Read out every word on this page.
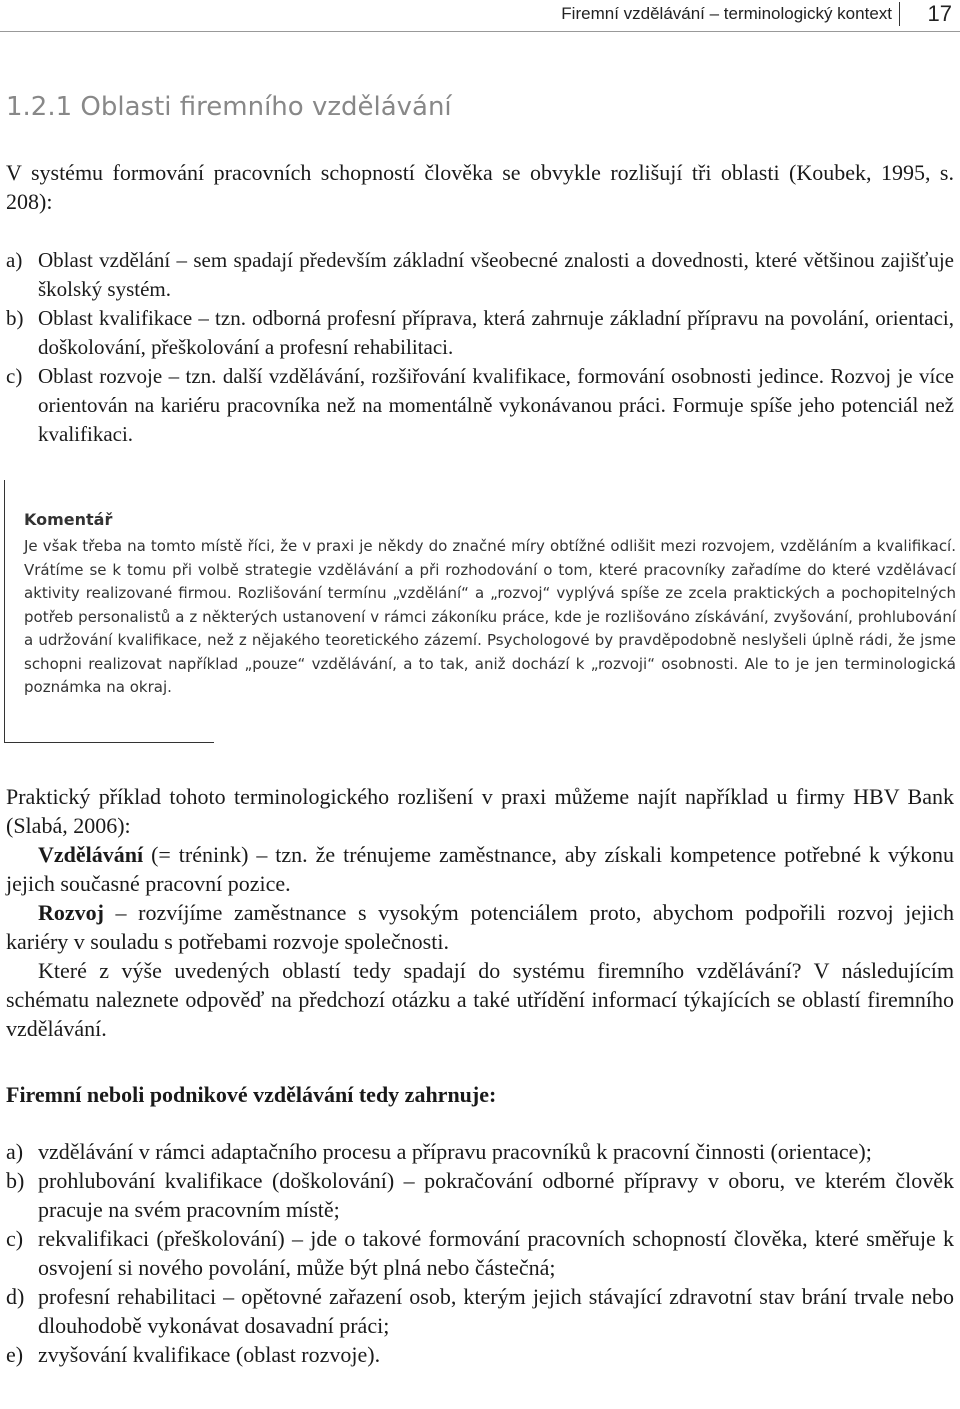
Firemní vzdělávání – terminologický kontext 17
1.2.1 Oblasti firemního vzdělávání
V systému formování pracovních schopností člověka se obvykle rozlišují tři oblasti (Koubek, 1995, s. 208):

a) Oblast vzdělání – sem spadají především základní všeobecné znalosti a dovednosti, které většinou zajišťuje školský systém.

b) Oblast kvalifikace – tzn. odborná profesní příprava, která zahrnuje základní přípravu na povolání, orientaci, doškolování, přeškolování a profesní rehabilitaci.

c) Oblast rozvoje – tzn. další vzdělávání, rozšiřování kvalifikace, formování osobnosti jedince. Rozvoj je více orientován na kariéru pracovníka než na momentálně vykonávanou práci. Formuje spíše jeho potenciál než kvalifikaci.

Komentář
Je však třeba na tomto místě říci, že v praxi je někdy do značné míry obtížné odlišit mezi rozvojem, vzděláním a kvalifikací. Vrátíme se k tomu při volbě strategie vzdělávání a při rozhodování o tom, které pracovníky zařadíme do které vzdělávací aktivity realizované firmou. Rozlišování termínu „vzdělání“ a „rozvoj“ vyplývá spíše ze zcela praktických a pochopitelných potřeb personalistů a z některých ustanovení v rámci zákoníku práce, kde je rozlišováno získávání, zvyšování, prohlubování a udržování kvalifikace, než z nějakého teoretického zázemí. Psychologové by pravděpodobně neslyšeli úplně rádi, že jsme schopni realizovat například „pouze“ vzdělávání, a to tak, aniž dochází k „rozvoji“ osobnosti. Ale to je jen terminologická poznámka na okraj.

Praktický příklad tohoto terminologického rozlišení v praxi můžeme najít například u firmy HBV Bank (Slabá, 2006):

Vzdělávání (= trénink) – tzn. že trénujeme zaměstnance, aby získali kompetence potřebné k výkonu jejich současné pracovní pozice.

Rozvoj – rozvíjíme zaměstnance s vysokým potenciálem proto, abychom podpořili rozvoj jejich kariéry v souladu s potřebami rozvoje společnosti.

Které z výše uvedených oblastí tedy spadají do systému firemního vzdělávání? V následujícím schématu naleznete odpověď na předchozí otázku a také utřídění informací týkajících se oblastí firemního vzdělávání.

Firemní neboli podnikové vzdělávání tedy zahrnuje:

a) vzdělávání v rámci adaptačního procesu a přípravu pracovníků k pracovní činnosti (orientace);

b) prohlubování kvalifikace (doškolování) – pokračování odborné přípravy v oboru, ve kterém člověk pracuje na svém pracovním místě;

c) rekvalifikaci (přeškolování) – jde o takové formování pracovních schopností člověka, které směřuje k osvojení si nového povolání, může být plná nebo částečná;

d) profesní rehabilitaci – opětovné zařazení osob, kterým jejich stávající zdravotní stav brání trvale nebo dlouhodobě vykonávat dosavadní práci;

e) zvyšování kvalifikace (oblast rozvoje).
